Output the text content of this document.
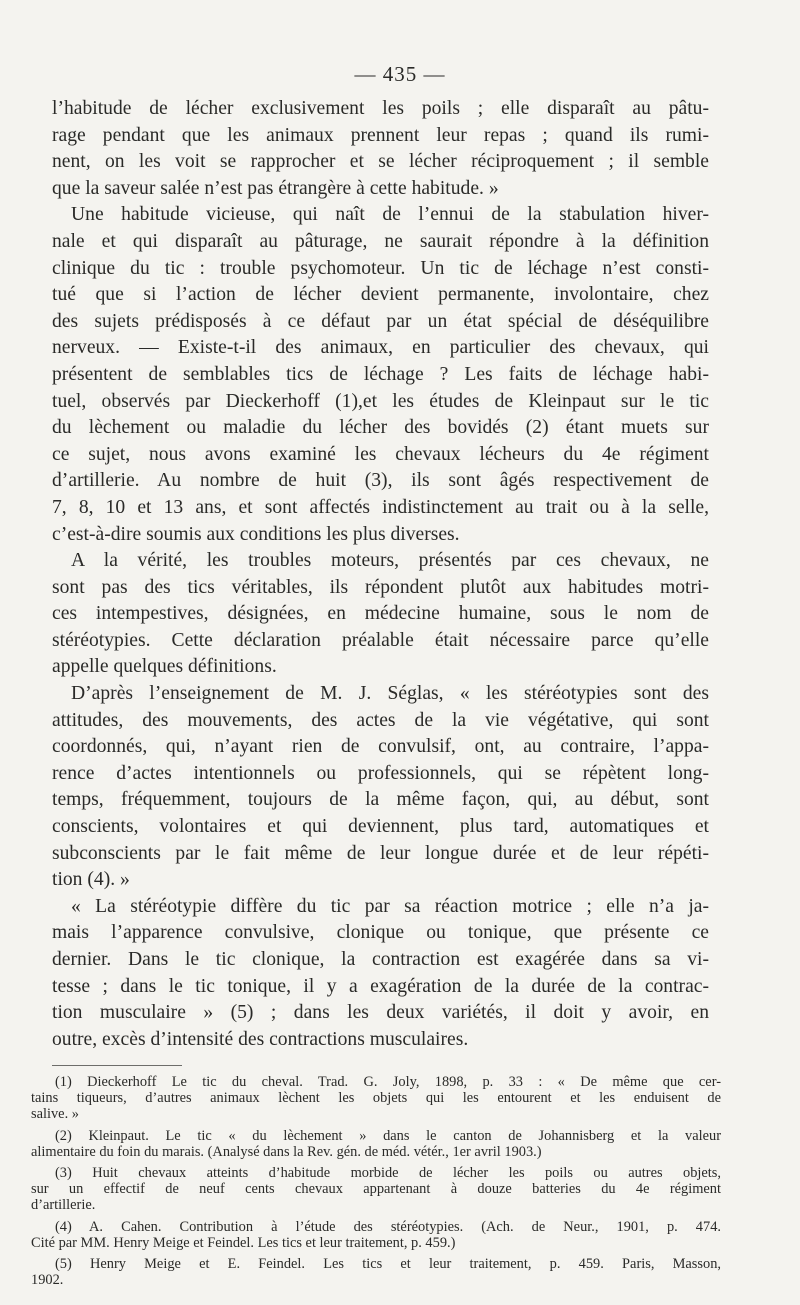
— 435 —

l’habitude de lécher exclusivement les poils ; elle disparaît au pâtu-
rage pendant que les animaux prennent leur repas ; quand ils rumi-
nent, on les voit se rapprocher et se lécher réciproquement ; il semble
que la saveur salée n’est pas étrangère à cette habitude. »

Une habitude vicieuse, qui naît de l’ennui de la stabulation hiver-
nale et qui disparaît au pâturage, ne saurait répondre à la définition
clinique du tic : trouble psychomoteur. Un tic de léchage n’est consti-
tué que si l’action de lécher devient permanente, involontaire, chez
des sujets prédisposés à ce défaut par un état spécial de déséquilibre
nerveux. — Existe-t-il des animaux, en particulier des chevaux, qui
présentent de semblables tics de léchage ? Les faits de léchage habi-
tuel, observés par Dieckerhoff (1),et les études de Kleinpaut sur le tic
du lèchement ou maladie du lécher des bovidés (2) étant muets sur
ce sujet, nous avons examiné les chevaux lécheurs du 4e régiment
d’artillerie. Au nombre de huit (3), ils sont âgés respectivement de
7, 8, 10 et 13 ans, et sont affectés indistinctement au trait ou à la selle,
c’est-à-dire soumis aux conditions les plus diverses.

A la vérité, les troubles moteurs, présentés par ces chevaux, ne
sont pas des tics véritables, ils répondent plutôt aux habitudes motri-
ces intempestives, désignées, en médecine humaine, sous le nom de
stéréotypies. Cette déclaration préalable était nécessaire parce qu’elle
appelle quelques définitions.

D’après l’enseignement de M. J. Séglas, « les stéréotypies sont des
attitudes, des mouvements, des actes de la vie végétative, qui sont
coordonnés, qui, n’ayant rien de convulsif, ont, au contraire, l’appa-
rence d’actes intentionnels ou professionnels, qui se répètent long-
temps, fréquemment, toujours de la même façon, qui, au début, sont
conscients, volontaires et qui deviennent, plus tard, automatiques et
subconscients par le fait même de leur longue durée et de leur répéti-
tion (4). »

« La stéréotypie diffère du tic par sa réaction motrice ; elle n’a ja-
mais l’apparence convulsive, clonique ou tonique, que présente ce
dernier. Dans le tic clonique, la contraction est exagérée dans sa vi-
tesse ; dans le tic tonique, il y a exagération de la durée de la contrac-
tion musculaire » (5) ; dans les deux variétés, il doit y avoir, en
outre, excès d’intensité des contractions musculaires.

(1) Dieckerhoff Le tic du cheval. Trad. G. Joly, 1898, p. 33 : « De même que cer-
tains tiqueurs, d’autres animaux lèchent les objets qui les entourent et les enduisent de
salive. »
(2) Kleinpaut. Le tic « du lèchement » dans le canton de Johannisberg et la valeur
alimentaire du foin du marais. (Analysé dans la Rev. gén. de méd. vétér., 1er avril 1903.)
(3) Huit chevaux atteints d’habitude morbide de lécher les poils ou autres objets,
sur un effectif de neuf cents chevaux appartenant à douze batteries du 4e régiment
d’artillerie.
(4) A. Cahen. Contribution à l’étude des stéréotypies. (Ach. de Neur., 1901, p. 474.
Cité par MM. Henry Meige et Feindel. Les tics et leur traitement, p. 459.)
(5) Henry Meige et E. Feindel. Les tics et leur traitement, p. 459. Paris, Masson,
1902.
